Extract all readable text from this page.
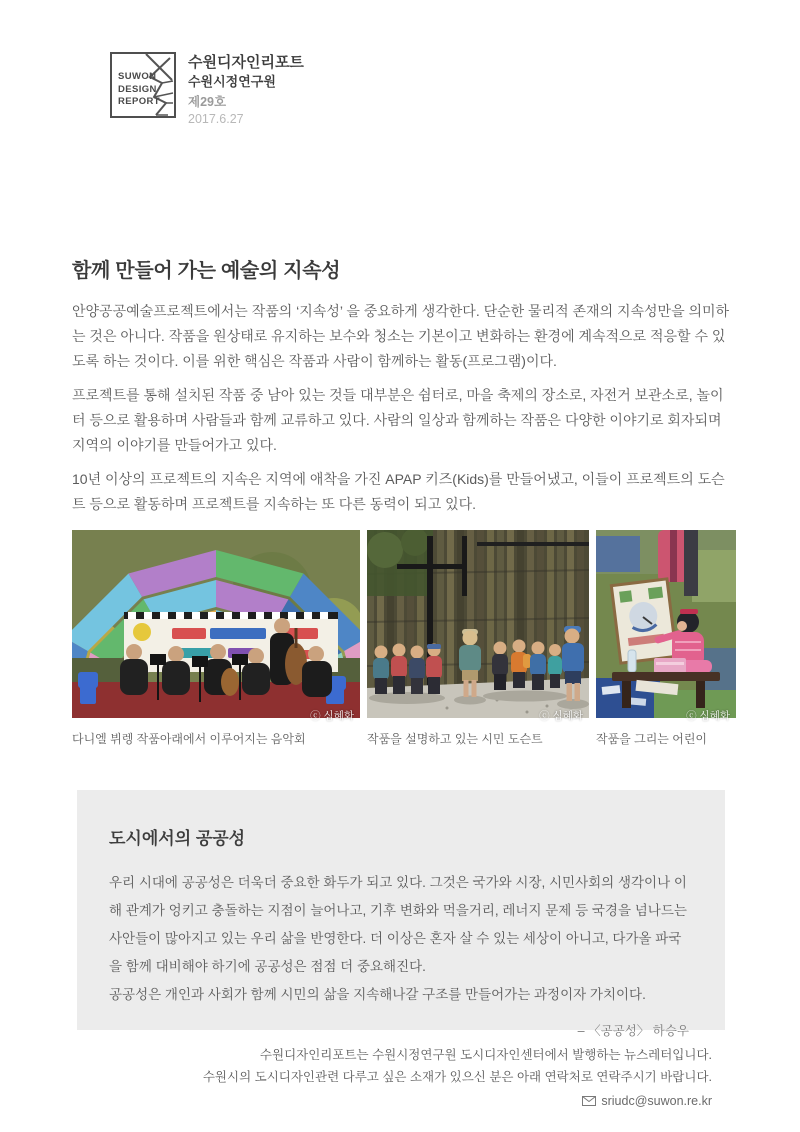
SUWON
DESIGN
REPORT
수원디자인리포트
수원시정연구원
제29호
2017.6.27
함께 만들어 가는 예술의 지속성

안양공공예술프로젝트에서는 작품의 ‘지속성’ 을 중요하게 생각한다. 단순한 물리적 존재의 지속성만을 의미하는 것은 아니다. 작품을 원상태로 유지하는 보수와 청소는 기본이고 변화하는 환경에 계속적으로 적응할 수 있도록 하는 것이다. 이를 위한 핵심은 작품과 사람이 함께하는 활동(프로그램)이다.

프로젝트를 통해 설치된 작품 중 남아 있는 것들 대부분은 쉼터로, 마을 축제의 장소로, 자전거 보관소로, 놀이터 등으로 활용하며 사람들과 함께 교류하고 있다. 사람의 일상과 함께하는 작품은 다양한 이야기로 회자되며 지역의 이야기를 만들어가고 있다.

10년 이상의 프로젝트의 지속은 지역에 애착을 가진 APAP 키즈(Kids)를 만들어냈고, 이들이 프로젝트의 도슨트 등으로 활동하며 프로젝트를 지속하는 또 다른 동력이 되고 있다.

ⓒ 심혜화
다니엘 뷔렝 작품아래에서 이루어지는 음악회
ⓒ 심혜화
작품을 설명하고 있는 시민 도슨트
ⓒ 심혜화
작품을 그리는 어린이
도시에서의 공공성
우리 시대에 공공성은 더욱더 중요한 화두가 되고 있다. 그것은 국가와 시장, 시민사회의 생각이나 이해 관계가 엉키고 충돌하는 지점이 늘어나고, 기후 변화와 먹을거리, 레너지 문제 등 국경을 넘나드는 사안들이 많아지고 있는 우리 삶을 반영한다. 더 이상은 혼자 살 수 있는 세상이 아니고, 다가올 파국을 함께 대비해야 하기에 공공성은 점점 더 중요해진다.
공공성은 개인과 사회가 함께 시민의 삶을 지속해나갈 구조를 만들어가는 과정이자 가치이다.
– 〈공공성〉 하승우
수원디자인리포트는 수원시정연구원 도시디자인센터에서 발행하는 뉴스레터입니다.
수원시의 도시디자인관련 다루고 싶은 소재가 있으신 분은 아래 연락처로 연락주시기 바랍니다.
sriudc@suwon.re.kr
